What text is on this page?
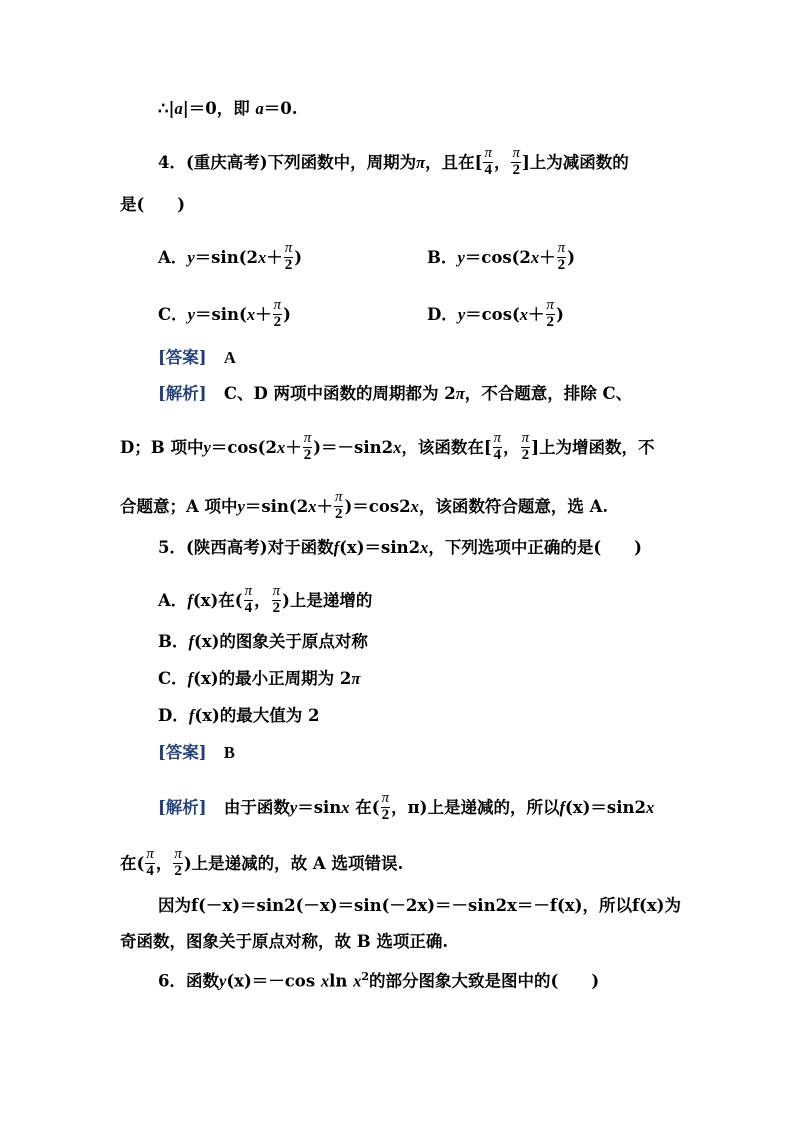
∴|a|＝0，即 a＝0.
4．(重庆高考)下列函数中，周期为π，且在[ $\frac{\pi}{4}$ ， $\frac{\pi}{2}$ ]上为减函数的
是(　　)
A．$y=\sin(2x+ \frac{\pi}{2}$ )	B．$y=\cos(2x+ \frac{\pi}{2}$ )
C．$y=\sin(x+ \frac{\pi}{2}$ )	D．$y=\cos(x+ \frac{\pi}{2}$ )
[答案] A
[解析] C、D 两项中函数的周期都为 2π，不合题意，排除 C、
D；B 项中$y=\cos(2x+ \frac{\pi}{2} )=-\sin 2x$，该函数在[ $\frac{\pi}{4}$ ， $\frac{\pi}{2}$ ]上为增函数，不
合题意；A 项中$y=\sin(2x+ \frac{\pi}{2} )=\cos 2x$，该函数符合题意，选 A.
5．(陕西高考)对于函数f(x)＝sin2x，下列选项中正确的是(　　)
A．f(x)在( $\frac{\pi}{4}$ ， $\frac{\pi}{2}$ )上是递增的
B．f(x)的图象关于原点对称
C．f(x)的最小正周期为 2π
D．f(x)的最大值为 2
[答案] B
[解析] 由于函数y＝sinx 在( $\frac{\pi}{2}$ ，π)上是递减的，所以f(x)＝sin2x
在( $\frac{\pi}{4}$ ， $\frac{\pi}{2}$ )上是递减的，故 A 选项错误.
因为f(－x)＝sin2(－x)＝sin(－2x)＝－sin2x＝－f(x)，所以f(x)为
奇函数，图象关于原点对称，故 B 选项正确.
6．函数y(x)＝－cos xln $x^2$的部分图象大致是图中的(　　)
